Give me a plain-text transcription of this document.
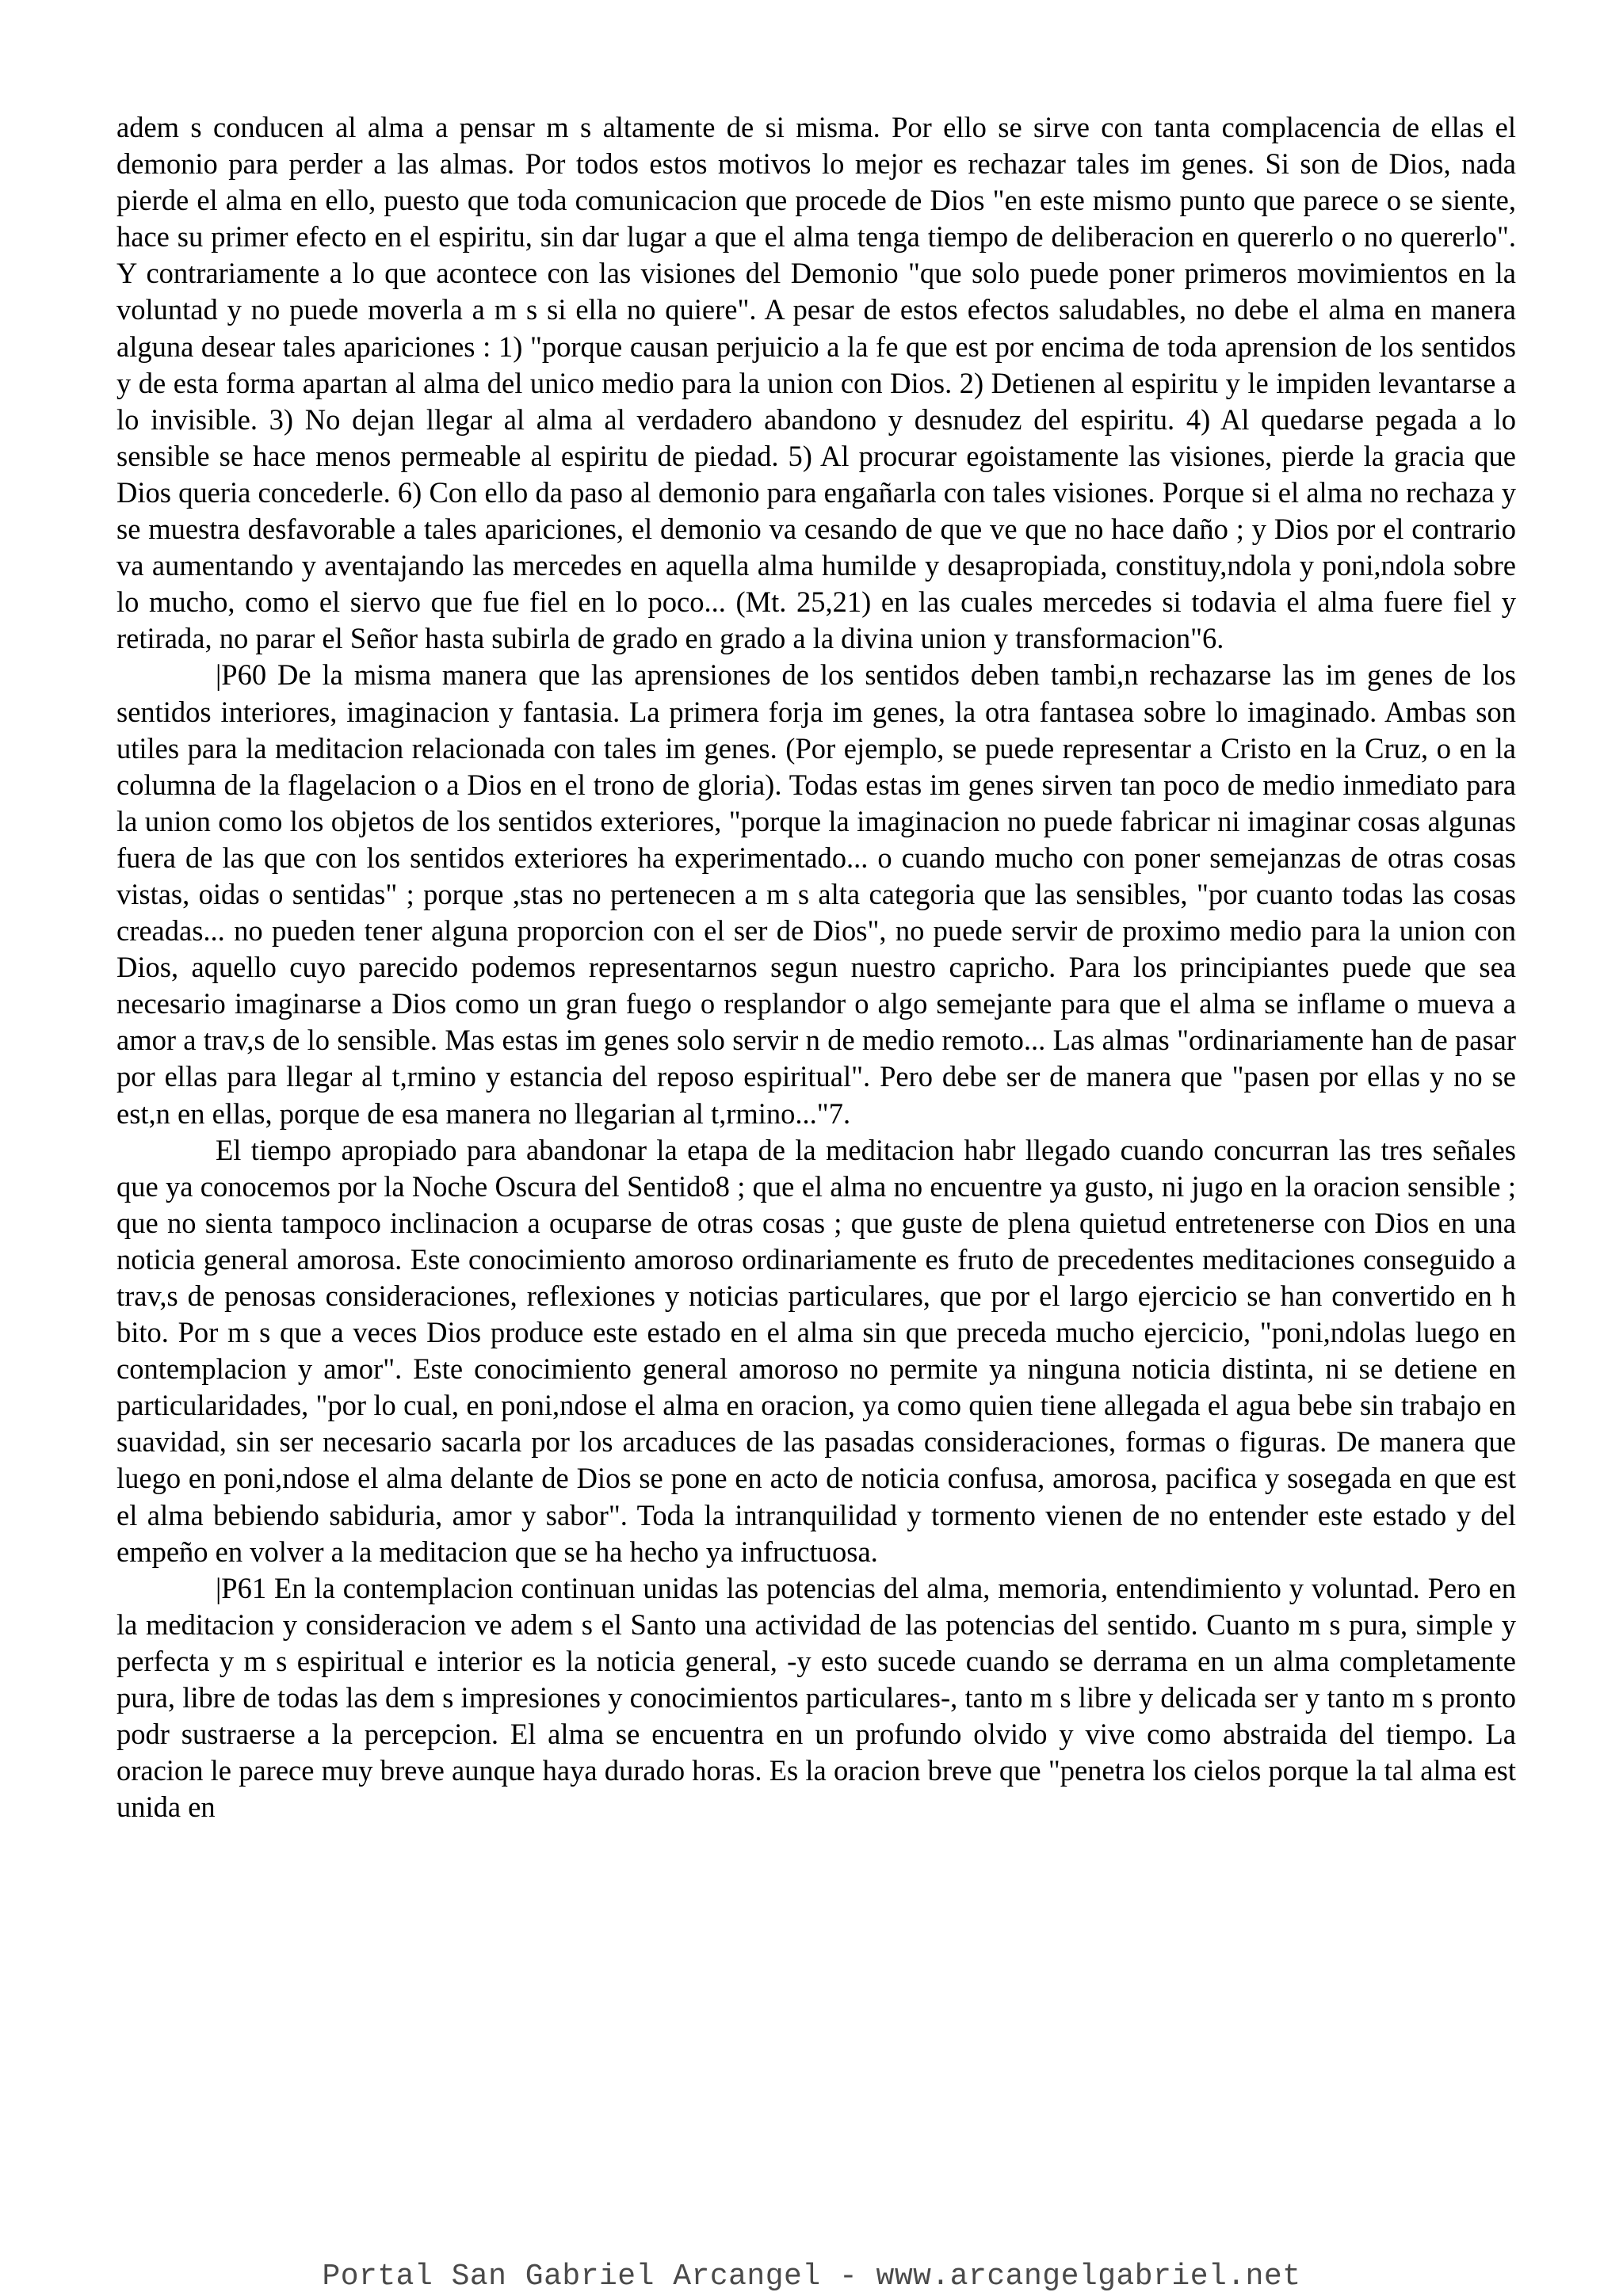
adem s conducen al alma a pensar m s altamente de si misma. Por ello se sirve con tanta complacencia de ellas el demonio para perder a las almas. Por todos estos motivos lo mejor es rechazar tales im genes. Si son de Dios, nada pierde el alma en ello, puesto que toda comunicacion que procede de Dios "en este mismo punto que parece o se siente, hace su primer efecto en el espiritu, sin dar lugar a que el alma tenga tiempo de deliberacion en quererlo o no quererlo". Y contrariamente a lo que acontece con las visiones del Demonio "que solo puede poner primeros movimientos en la voluntad y no puede moverla a m s si ella no quiere". A pesar de estos efectos saludables, no debe el alma en manera alguna desear tales apariciones : 1) "porque causan perjuicio a la fe que est por encima de toda aprension de los sentidos y de esta forma apartan al alma del unico medio para la union con Dios. 2) Detienen al espiritu y le impiden levantarse a lo invisible. 3) No dejan llegar al alma al verdadero abandono y desnudez del espiritu. 4) Al quedarse pegada a lo sensible se hace menos permeable al espiritu de piedad. 5) Al procurar egoistamente las visiones, pierde la gracia que Dios queria concederle. 6) Con ello da paso al demonio para engañarla con tales visiones. Porque si el alma no rechaza y se muestra desfavorable a tales apariciones, el demonio va cesando de que ve que no hace daño ; y Dios por el contrario va aumentando y aventajando las mercedes en aquella alma humilde y desapropiada, constituy,ndola y poni,ndola sobre lo mucho, como el siervo que fue fiel en lo poco... (Mt. 25,21) en las cuales mercedes si todavia el alma fuere fiel y retirada, no parar el Señor hasta subirla de grado en grado a la divina union y transformacion"6.

|P60 De la misma manera que las aprensiones de los sentidos deben tambi,n rechazarse las im genes de los sentidos interiores, imaginacion y fantasia. La primera forja im genes, la otra fantasea sobre lo imaginado. Ambas son utiles para la meditacion relacionada con tales im genes. (Por ejemplo, se puede representar a Cristo en la Cruz, o en la columna de la flagelacion o a Dios en el trono de gloria). Todas estas im genes sirven tan poco de medio inmediato para la union como los objetos de los sentidos exteriores, "porque la imaginacion no puede fabricar ni imaginar cosas algunas fuera de las que con los sentidos exteriores ha experimentado... o cuando mucho con poner semejanzas de otras cosas vistas, oidas o sentidas" ; porque ,stas no pertenecen a m s alta categoria que las sensibles, "por cuanto todas las cosas creadas... no pueden tener alguna proporcion con el ser de Dios", no puede servir de proximo medio para la union con Dios, aquello cuyo parecido podemos representarnos segun nuestro capricho. Para los principiantes puede que sea necesario imaginarse a Dios como un gran fuego o resplandor o algo semejante para que el alma se inflame o mueva a amor a trav,s de lo sensible. Mas estas im genes solo servir n de medio remoto... Las almas "ordinariamente han de pasar por ellas para llegar al t,rmino y estancia del reposo espiritual". Pero debe ser de manera que "pasen por ellas y no se est,n en ellas, porque de esa manera no llegarian al t,rmino..."7.

El tiempo apropiado para abandonar la etapa de la meditacion habr llegado cuando concurran las tres señales que ya conocemos por la Noche Oscura del Sentido8 ; que el alma no encuentre ya gusto, ni jugo en la oracion sensible ; que no sienta tampoco inclinacion a ocuparse de otras cosas ; que guste de plena quietud entretenerse con Dios en una noticia general amorosa. Este conocimiento amoroso ordinariamente es fruto de precedentes meditaciones conseguido a trav,s de penosas consideraciones, reflexiones y noticias particulares, que por el largo ejercicio se han convertido en h bito. Por m s que a veces Dios produce este estado en el alma sin que preceda mucho ejercicio, "poni,ndolas luego en contemplacion y amor". Este conocimiento general amoroso no permite ya ninguna noticia distinta, ni se detiene en particularidades, "por lo cual, en poni,ndose el alma en oracion, ya como quien tiene allegada el agua bebe sin trabajo en suavidad, sin ser necesario sacarla por los arcaduces de las pasadas consideraciones, formas o figuras. De manera que luego en poni,ndose el alma delante de Dios se pone en acto de noticia confusa, amorosa, pacifica y sosegada en que est el alma bebiendo sabiduria, amor y sabor". Toda la intranquilidad y tormento vienen de no entender este estado y del empeño en volver a la meditacion que se ha hecho ya infructuosa.

|P61 En la contemplacion continuan unidas las potencias del alma, memoria, entendimiento y voluntad. Pero en la meditacion y consideracion ve adem s el Santo una actividad de las potencias del sentido. Cuanto m s pura, simple y perfecta y m s espiritual e interior es la noticia general, -y esto sucede cuando se derrama en un alma completamente pura, libre de todas las dem s impresiones y conocimientos particulares-, tanto m s libre y delicada ser y tanto m s pronto podr sustraerse a la percepcion. El alma se encuentra en un profundo olvido y vive como abstraida del tiempo. La oracion le parece muy breve aunque haya durado horas. Es la oracion breve que "penetra los cielos porque la tal alma est unida en

Portal San Gabriel Arcangel - www.arcangelgabriel.net
